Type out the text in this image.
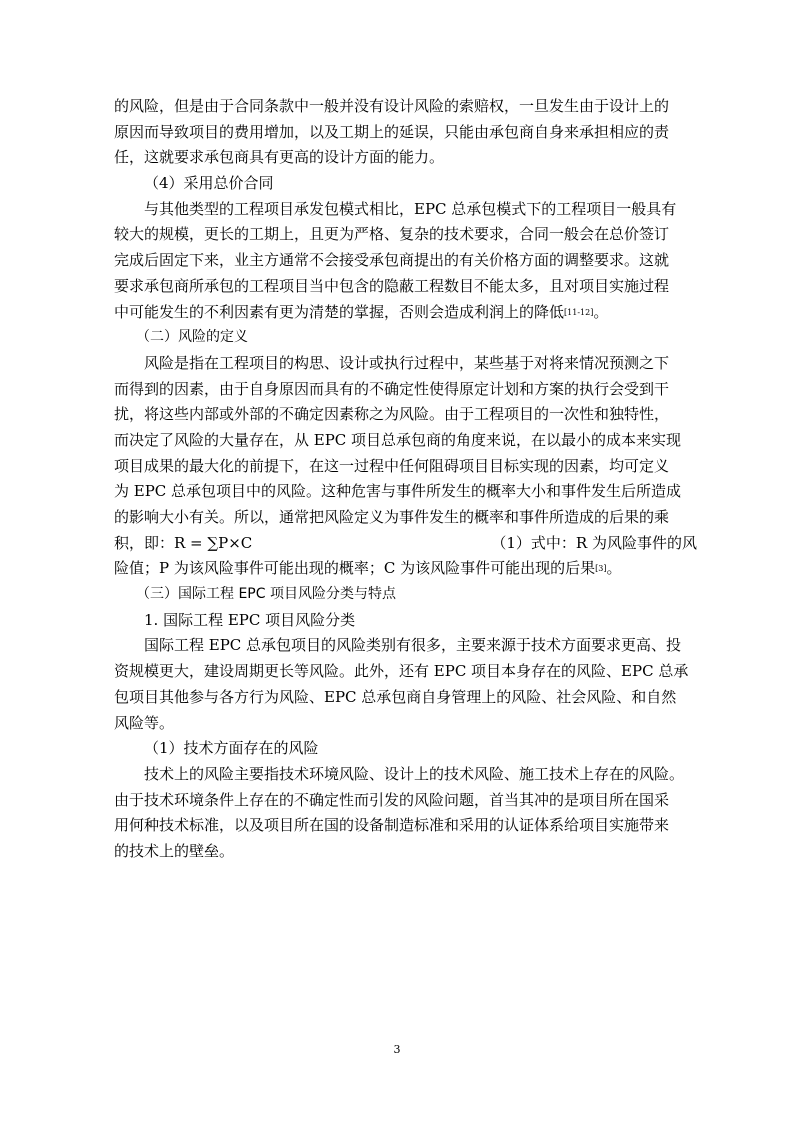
的风险，但是由于合同条款中一般并没有设计风险的索赔权，一旦发生由于设计上的
原因而导致项目的费用增加，以及工期上的延误，只能由承包商自身来承担相应的责
任，这就要求承包商具有更高的设计方面的能力。
（4）采用总价合同
与其他类型的工程项目承发包模式相比，EPC 总承包模式下的工程项目一般具有
较大的规模，更长的工期上，且更为严格、复杂的技术要求，合同一般会在总价签订
完成后固定下来，业主方通常不会接受承包商提出的有关价格方面的调整要求。这就
要求承包商所承包的工程项目当中包含的隐蔽工程数目不能太多，且对项目实施过程
中可能发生的不利因素有更为清楚的掌握，否则会造成利润上的降低 [11-12] 。
（二）风险的定义
风险是指在工程项目的构思、设计或执行过程中，某些基于对将来情况预测之下
而得到的因素，由于自身原因而具有的不确定性使得原定计划和方案的执行会受到干
扰，将这些内部或外部的不确定因素称之为风险。由于工程项目的一次性和独特性，
而决定了风险的大量存在，从 EPC 项目总承包商的角度来说，在以最小的成本来实现
项目成果的最大化的前提下，在这一过程中任何阻碍项目目标实现的因素，均可定义
为 EPC 总承包项目中的风险。这种危害与事件所发生的概率大小和事件发生后所造成
的影响大小有关。所以，通常把风险定义为事件发生的概率和事件所造成的后果的乘
积，即：R = ∑P×C	（1）式中：R 为风险事件的风
险值；P 为该风险事件可能出现的概率；C 为该风险事件可能出现的后果 [3] 。
（三）国际工程 EPC 项目风险分类与特点
1. 国际工程 EPC 项目风险分类
国际工程 EPC 总承包项目的风险类别有很多，主要来源于技术方面要求更高、投
资规模更大，建设周期更长等风险。此外，还有 EPC 项目本身存在的风险、EPC 总承
包项目其他参与各方行为风险、EPC 总承包商自身管理上的风险、社会风险、和自然
风险等。
（1）技术方面存在的风险
技术上的风险主要指技术环境风险、设计上的技术风险、施工技术上存在的风险。
由于技术环境条件上存在的不确定性而引发的风险问题，首当其冲的是项目所在国采
用何种技术标准，以及项目所在国的设备制造标准和采用的认证体系给项目实施带来
的技术上的壁垒。
3
